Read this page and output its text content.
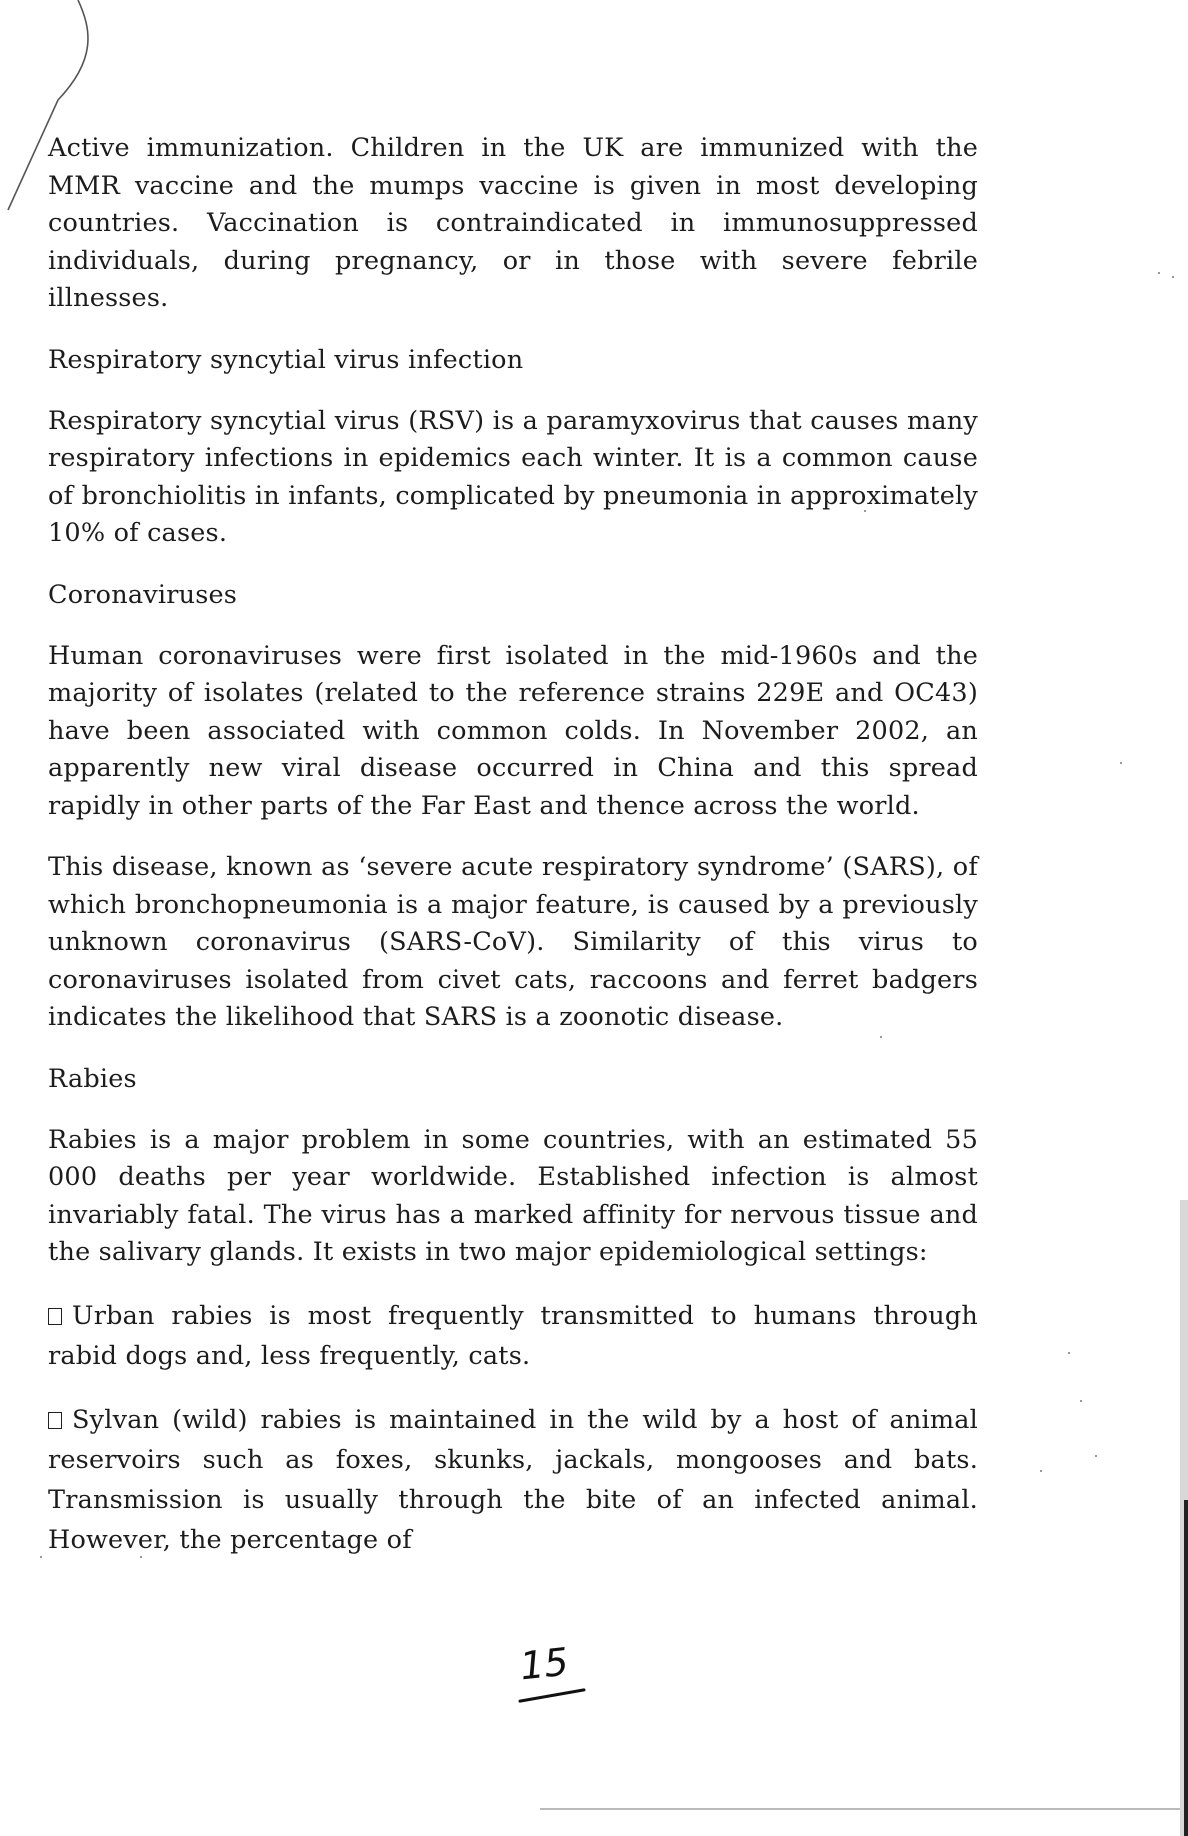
Active immunization. Children in the UK are immunized with the MMR vaccine and the mumps vaccine is given in most developing countries. Vaccination is contraindicated in immunosuppressed individuals, during pregnancy, or in those with severe febrile illnesses.

Respiratory syncytial virus infection

Respiratory syncytial virus (RSV) is a paramyxovirus that causes many respiratory infections in epidemics each winter. It is a common cause of bronchiolitis in infants, complicated by pneumonia in approximately 10% of cases.

Coronaviruses

Human coronaviruses were first isolated in the mid-1960s and the majority of isolates (related to the reference strains 229E and OC43) have been associated with common colds. In November 2002, an apparently new viral disease occurred in China and this spread rapidly in other parts of the Far East and thence across the world.

This disease, known as ‘severe acute respiratory syndrome’ (SARS), of which bronchopneumonia is a major feature, is caused by a previously unknown coronavirus (SARS-CoV). Similarity of this virus to coronaviruses isolated from civet cats, raccoons and ferret badgers indicates the likelihood that SARS is a zoonotic disease.

Rabies

Rabies is a major problem in some countries, with an estimated 55 000 deaths per year worldwide. Established infection is almost invariably fatal. The virus has a marked affinity for nervous tissue and the salivary glands. It exists in two major epidemiological settings:

Urban rabies is most frequently transmitted to humans through rabid dogs and, less frequently, cats.

Sylvan (wild) rabies is maintained in the wild by a host of animal reservoirs such as foxes, skunks, jackals, mongooses and bats. Transmission is usually through the bite of an infected animal. However, the percentage of

15
